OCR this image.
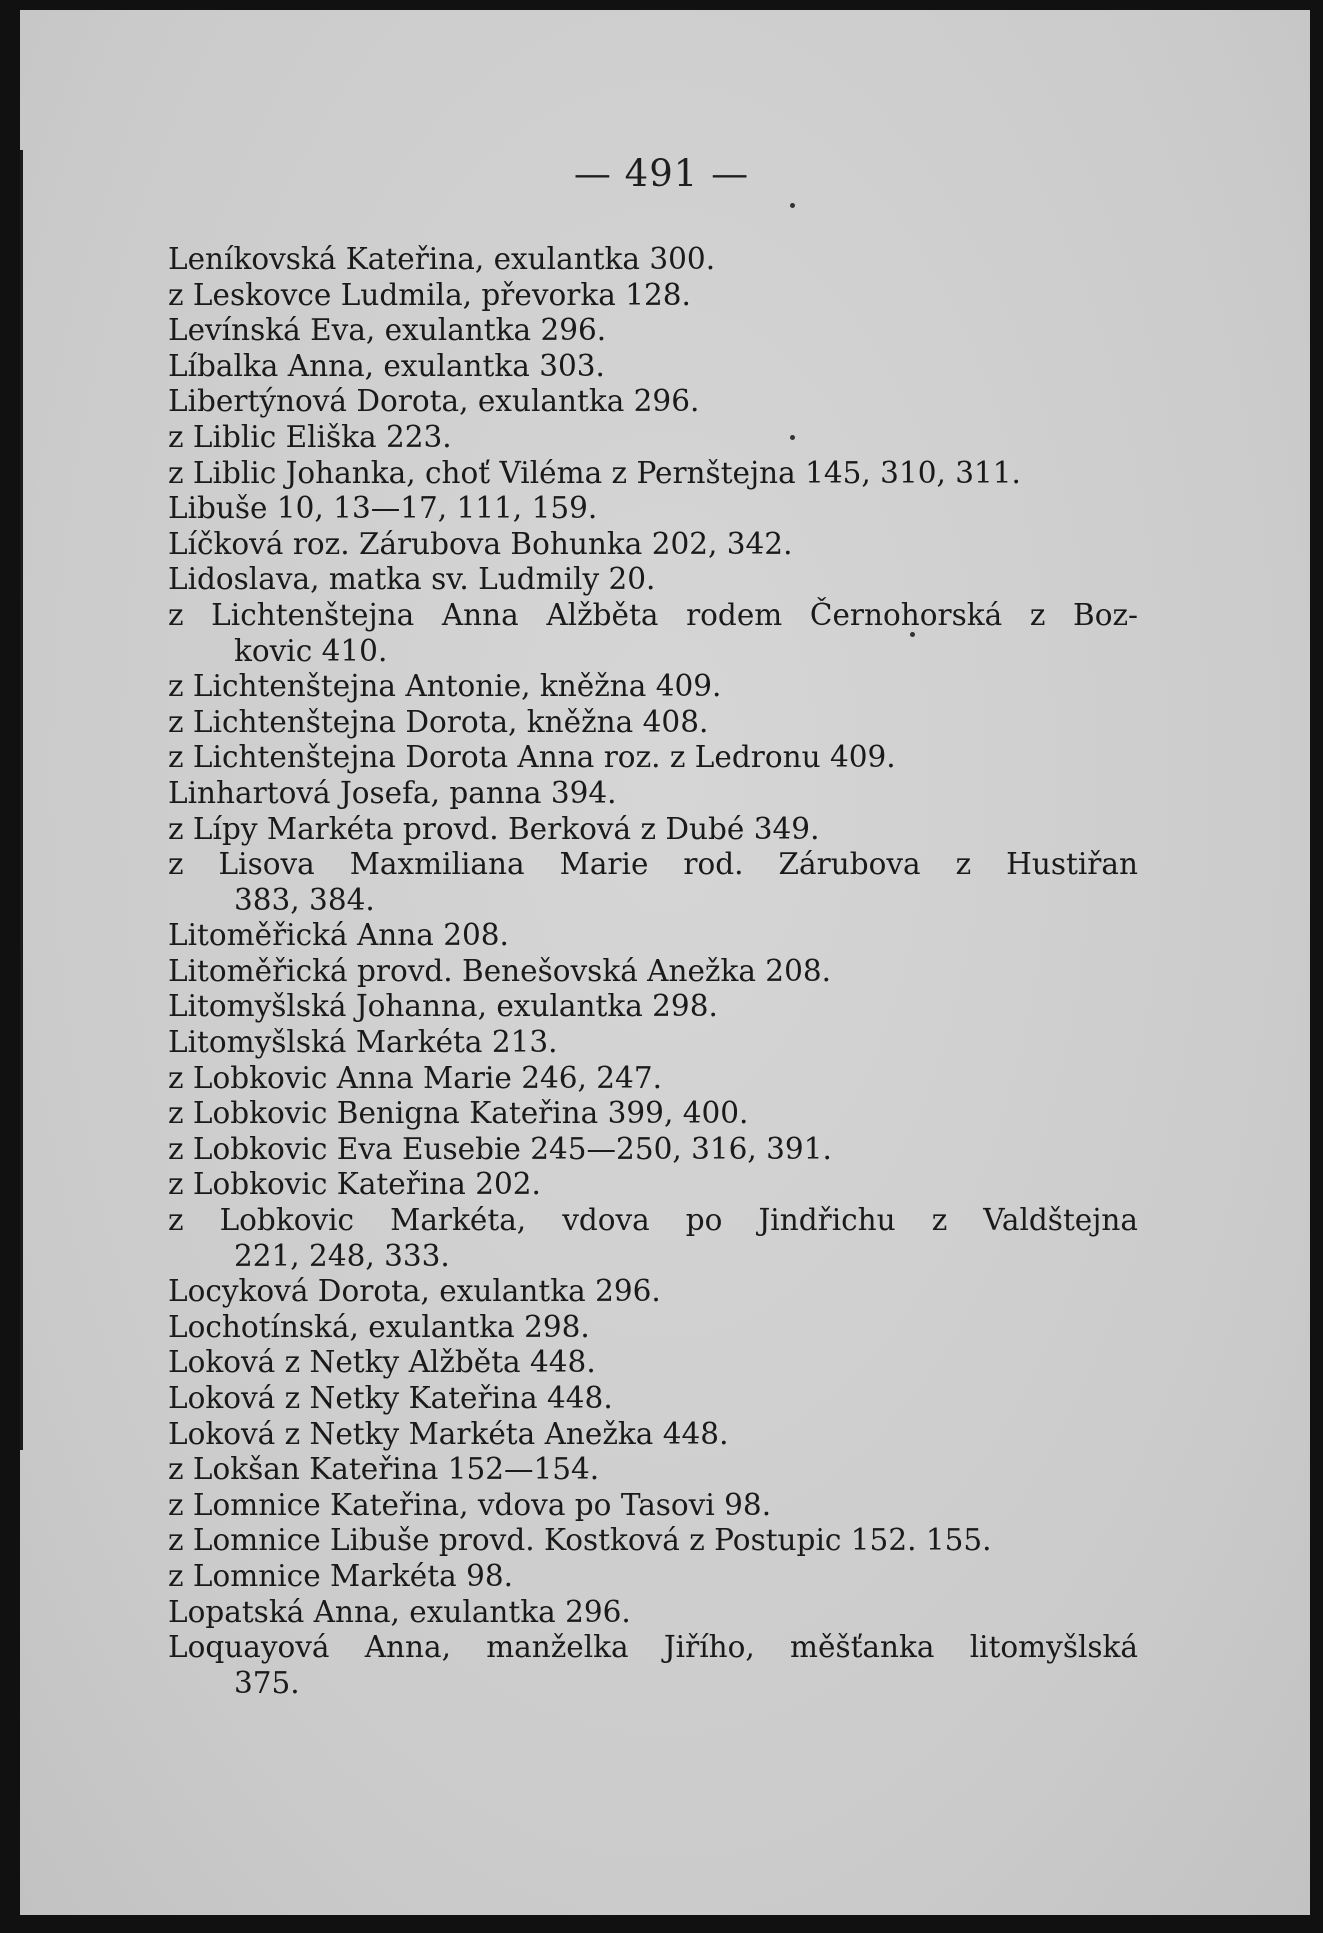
— 491 —
Leníkovská Kateřina, exulantka 300.
z Leskovce Ludmila, převorka 128.
Levínská Eva, exulantka 296.
Líbalka Anna, exulantka 303.
Libertýnová Dorota, exulantka 296.
z Liblic Eliška 223.
z Liblic Johanka, choť Viléma z Pernštejna 145, 310, 311.
Libuše 10, 13—17, 111, 159.
Líčková roz. Zárubova Bohunka 202, 342.
Lidoslava, matka sv. Ludmily 20.
z Lichtenštejna Anna Alžběta rodem Černohorská z Boz-
kovic 410.
z Lichtenštejna Antonie, kněžna 409.
z Lichtenštejna Dorota, kněžna 408.
z Lichtenštejna Dorota Anna roz. z Ledronu 409.
Linhartová Josefa, panna 394.
z Lípy Markéta provd. Berková z Dubé 349.
z Lisova Maxmiliana Marie rod. Zárubova z Hustiřan
383, 384.
Litoměřická Anna 208.
Litoměřická provd. Benešovská Anežka 208.
Litomyšlská Johanna, exulantka 298.
Litomyšlská Markéta 213.
z Lobkovic Anna Marie 246, 247.
z Lobkovic Benigna Kateřina 399, 400.
z Lobkovic Eva Eusebie 245—250, 316, 391.
z Lobkovic Kateřina 202.
z Lobkovic Markéta, vdova po Jindřichu z Valdštejna
221, 248, 333.
Locyková Dorota, exulantka 296.
Lochotínská, exulantka 298.
Loková z Netky Alžběta 448.
Loková z Netky Kateřina 448.
Loková z Netky Markéta Anežka 448.
z Lokšan Kateřina 152—154.
z Lomnice Kateřina, vdova po Tasovi 98.
z Lomnice Libuše provd. Kostková z Postupic 152. 155.
z Lomnice Markéta 98.
Lopatská Anna, exulantka 296.
Loquayová Anna, manželka Jiřího, měšťanka litomyšlská
375.
